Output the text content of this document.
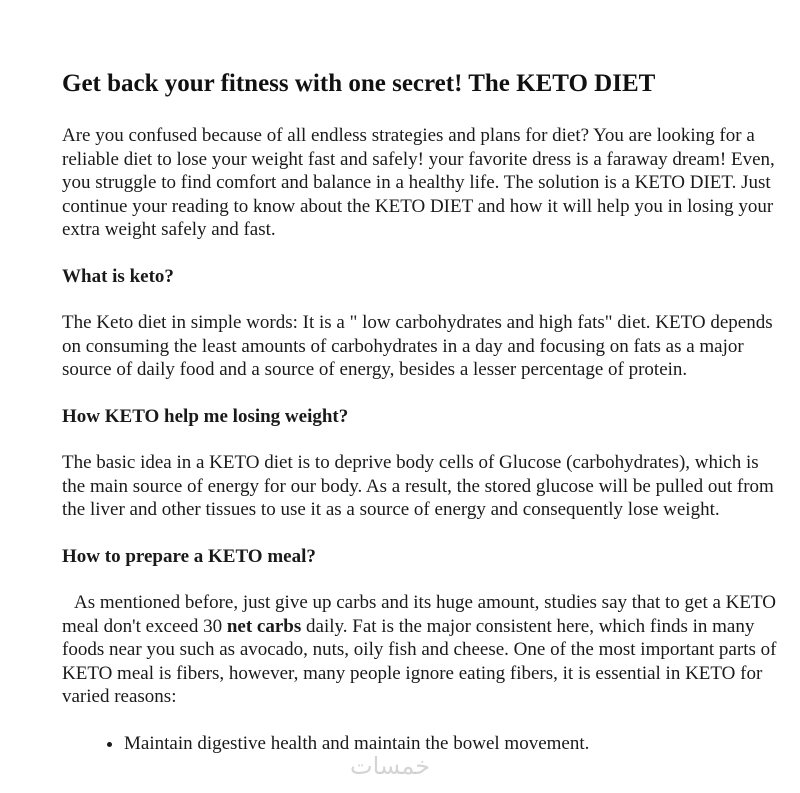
Get back your fitness with one secret! The KETO DIET

Are you confused because of all endless strategies and plans for diet? You are looking for a reliable diet to lose your weight fast and safely! your favorite dress is a faraway dream! Even, you struggle to find comfort and balance in a healthy life. The solution is a KETO DIET. Just continue your reading to know about the KETO DIET and how it will help you in losing your extra weight safely and fast.

What is keto?

The Keto diet in simple words: It is a " low carbohydrates and high fats" diet. KETO depends on consuming the least amounts of carbohydrates in a day and focusing on fats as a major source of daily food and a source of energy, besides a lesser percentage of protein.

How KETO help me losing weight?

The basic idea in a KETO diet is to deprive body cells of Glucose (carbohydrates), which is the main source of energy for our body. As a result, the stored glucose will be pulled out from the liver and other tissues to use it as a source of energy and consequently lose weight.

How to prepare a KETO meal?

As mentioned before, just give up carbs and its huge amount, studies say that to get a KETO meal don't exceed 30 net carbs daily. Fat is the major consistent here, which finds in many foods near you such as avocado, nuts, oily fish and cheese. One of the most important parts of KETO meal is fibers, however, many people ignore eating fibers, it is essential in KETO for varied reasons:

• Maintain digestive health and maintain the bowel movement.
خمسات
